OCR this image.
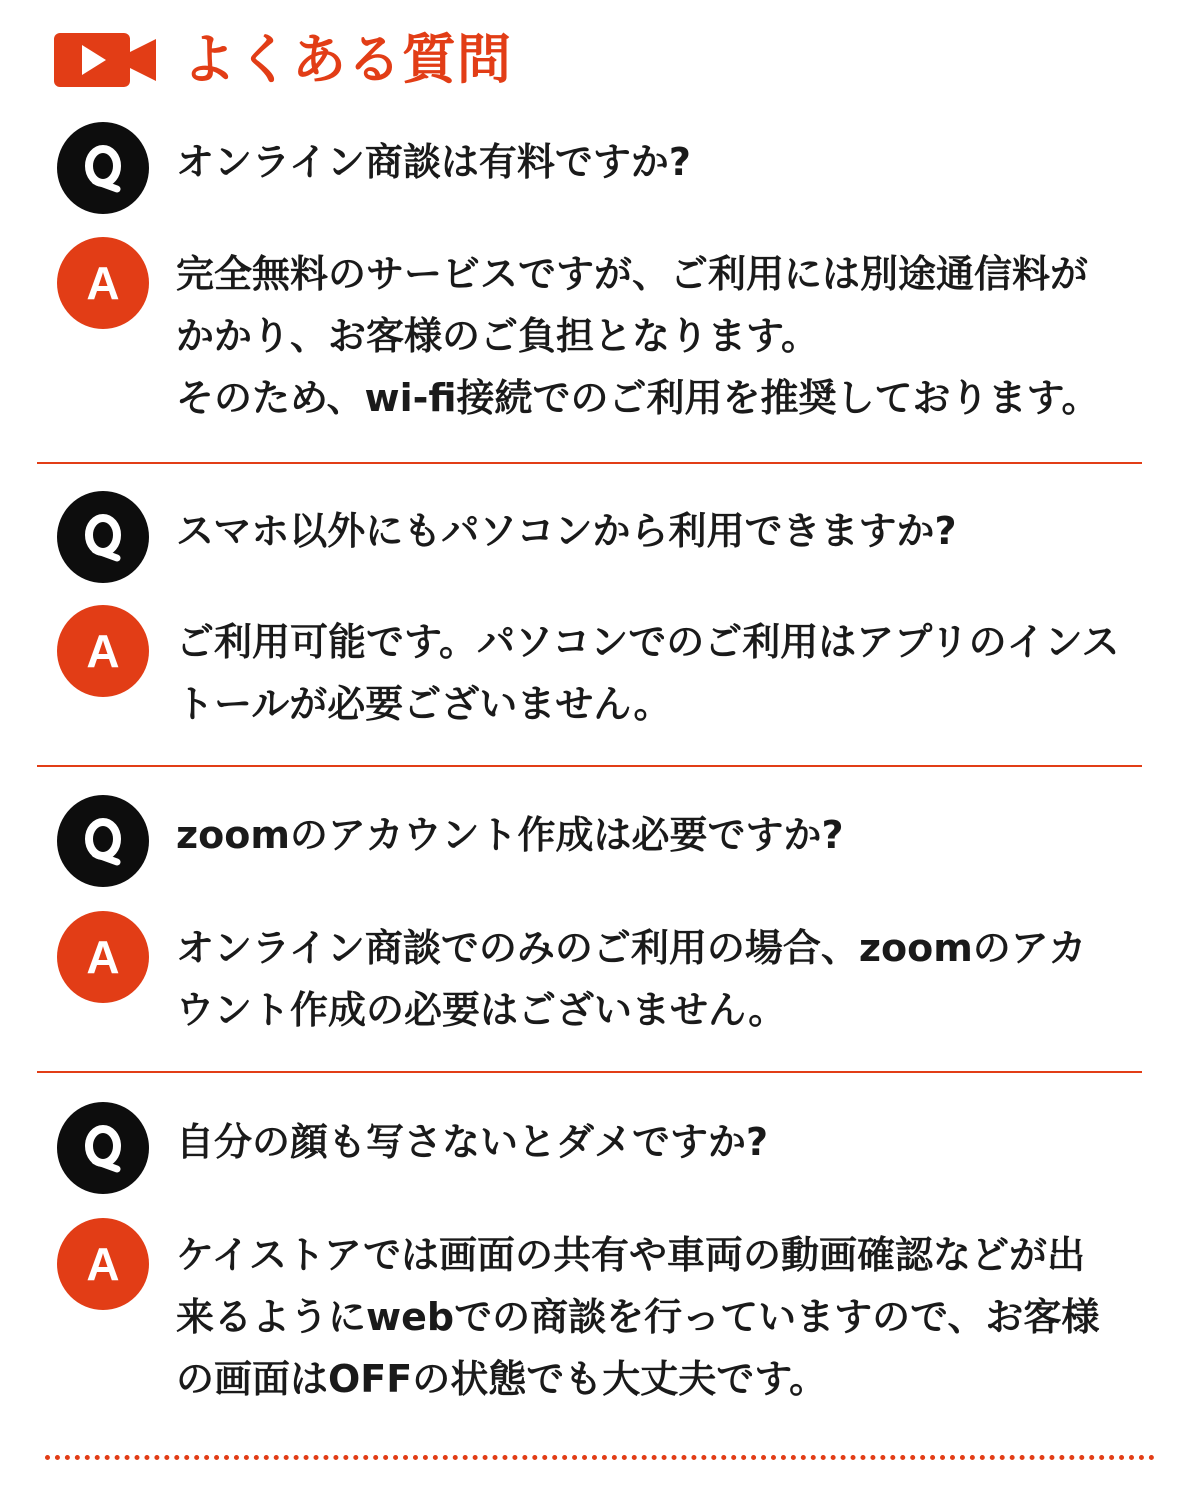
よくある質問
オンライン商談は有料ですか?
A	完全無料のサービスですが、ご利用には別途通信料が
かかり、お客様のご負担となります。
そのため、wi-fi接続でのご利用を推奨しております。
スマホ以外にもパソコンから利用できますか?
A	ご利用可能です。パソコンでのご利用はアプリのインス
トールが必要ございません。
zoomのアカウント作成は必要ですか?
A	オンライン商談でのみのご利用の場合、zoomのアカ
ウント作成の必要はございません。
自分の顔も写さないとダメですか?
A	ケイストアでは画面の共有や車両の動画確認などが出
来るようにwebでの商談を行っていますので、お客様
の画面はOFFの状態でも大丈夫です。
